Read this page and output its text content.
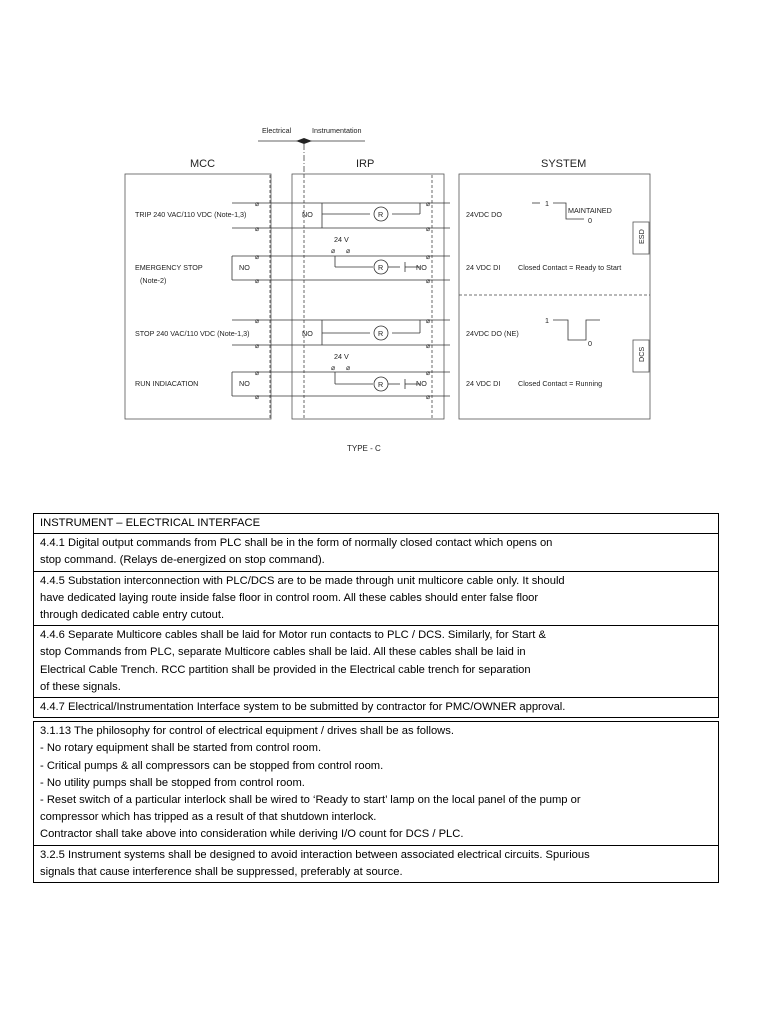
Electrical	Instrumentation
MCC	IRP	SYSTEM
ESD
DCS
R
TRIP 240 VAC/110 VDC (Note-1,3)	NO	24VDC DO
⌀
⌀
⌀
⌀
1
MAINTAINED
0
24 V
⌀ ⌀
R
EMERGENCY STOP
(Note-2)
NO	NO	24 VDC DI Closed Contact = Ready to Start
⌀
⌀
⌀
⌀
R
STOP 240 VAC/110 VDC (Note-1,3)	NO	24VDC DO (NE)
⌀
⌀
⌀
⌀
1
0
24 V
⌀ ⌀
R
RUN INDIACATION	NO	NO	24 VDC DI Closed Contact = Running
⌀
⌀
⌀
⌀
TYPE - C
INSTRUMENT – ELECTRICAL INTERFACE
4.4.1 Digital output commands from PLC shall be in the form of normally closed contact which opens on
stop command. (Relays de-energized on stop command).
4.4.5 Substation interconnection with PLC/DCS are to be made through unit multicore cable only. It should
have dedicated laying route inside false floor in control room. All these cables should enter false floor
through dedicated cable entry cutout.
4.4.6 Separate Multicore cables shall be laid for Motor run contacts to PLC / DCS. Similarly, for Start &
stop Commands from PLC, separate Multicore cables shall be laid. All these cables shall be laid in
Electrical Cable Trench. RCC partition shall be provided in the Electrical cable trench for separation
of these signals.
4.4.7 Electrical/Instrumentation Interface system to be submitted by contractor for PMC/OWNER approval.
3.1.13 The philosophy for control of electrical equipment / drives shall be as follows.
- No rotary equipment shall be started from control room.
- Critical pumps & all compressors can be stopped from control room.
- No utility pumps shall be stopped from control room.
- Reset switch of a particular interlock shall be wired to ‘Ready to start’ lamp on the local panel of the pump or
compressor which has tripped as a result of that shutdown interlock.
Contractor shall take above into consideration while deriving I/O count for DCS / PLC.
3.2.5 Instrument systems shall be designed to avoid interaction between associated electrical circuits. Spurious
signals that cause interference shall be suppressed, preferably at source.
